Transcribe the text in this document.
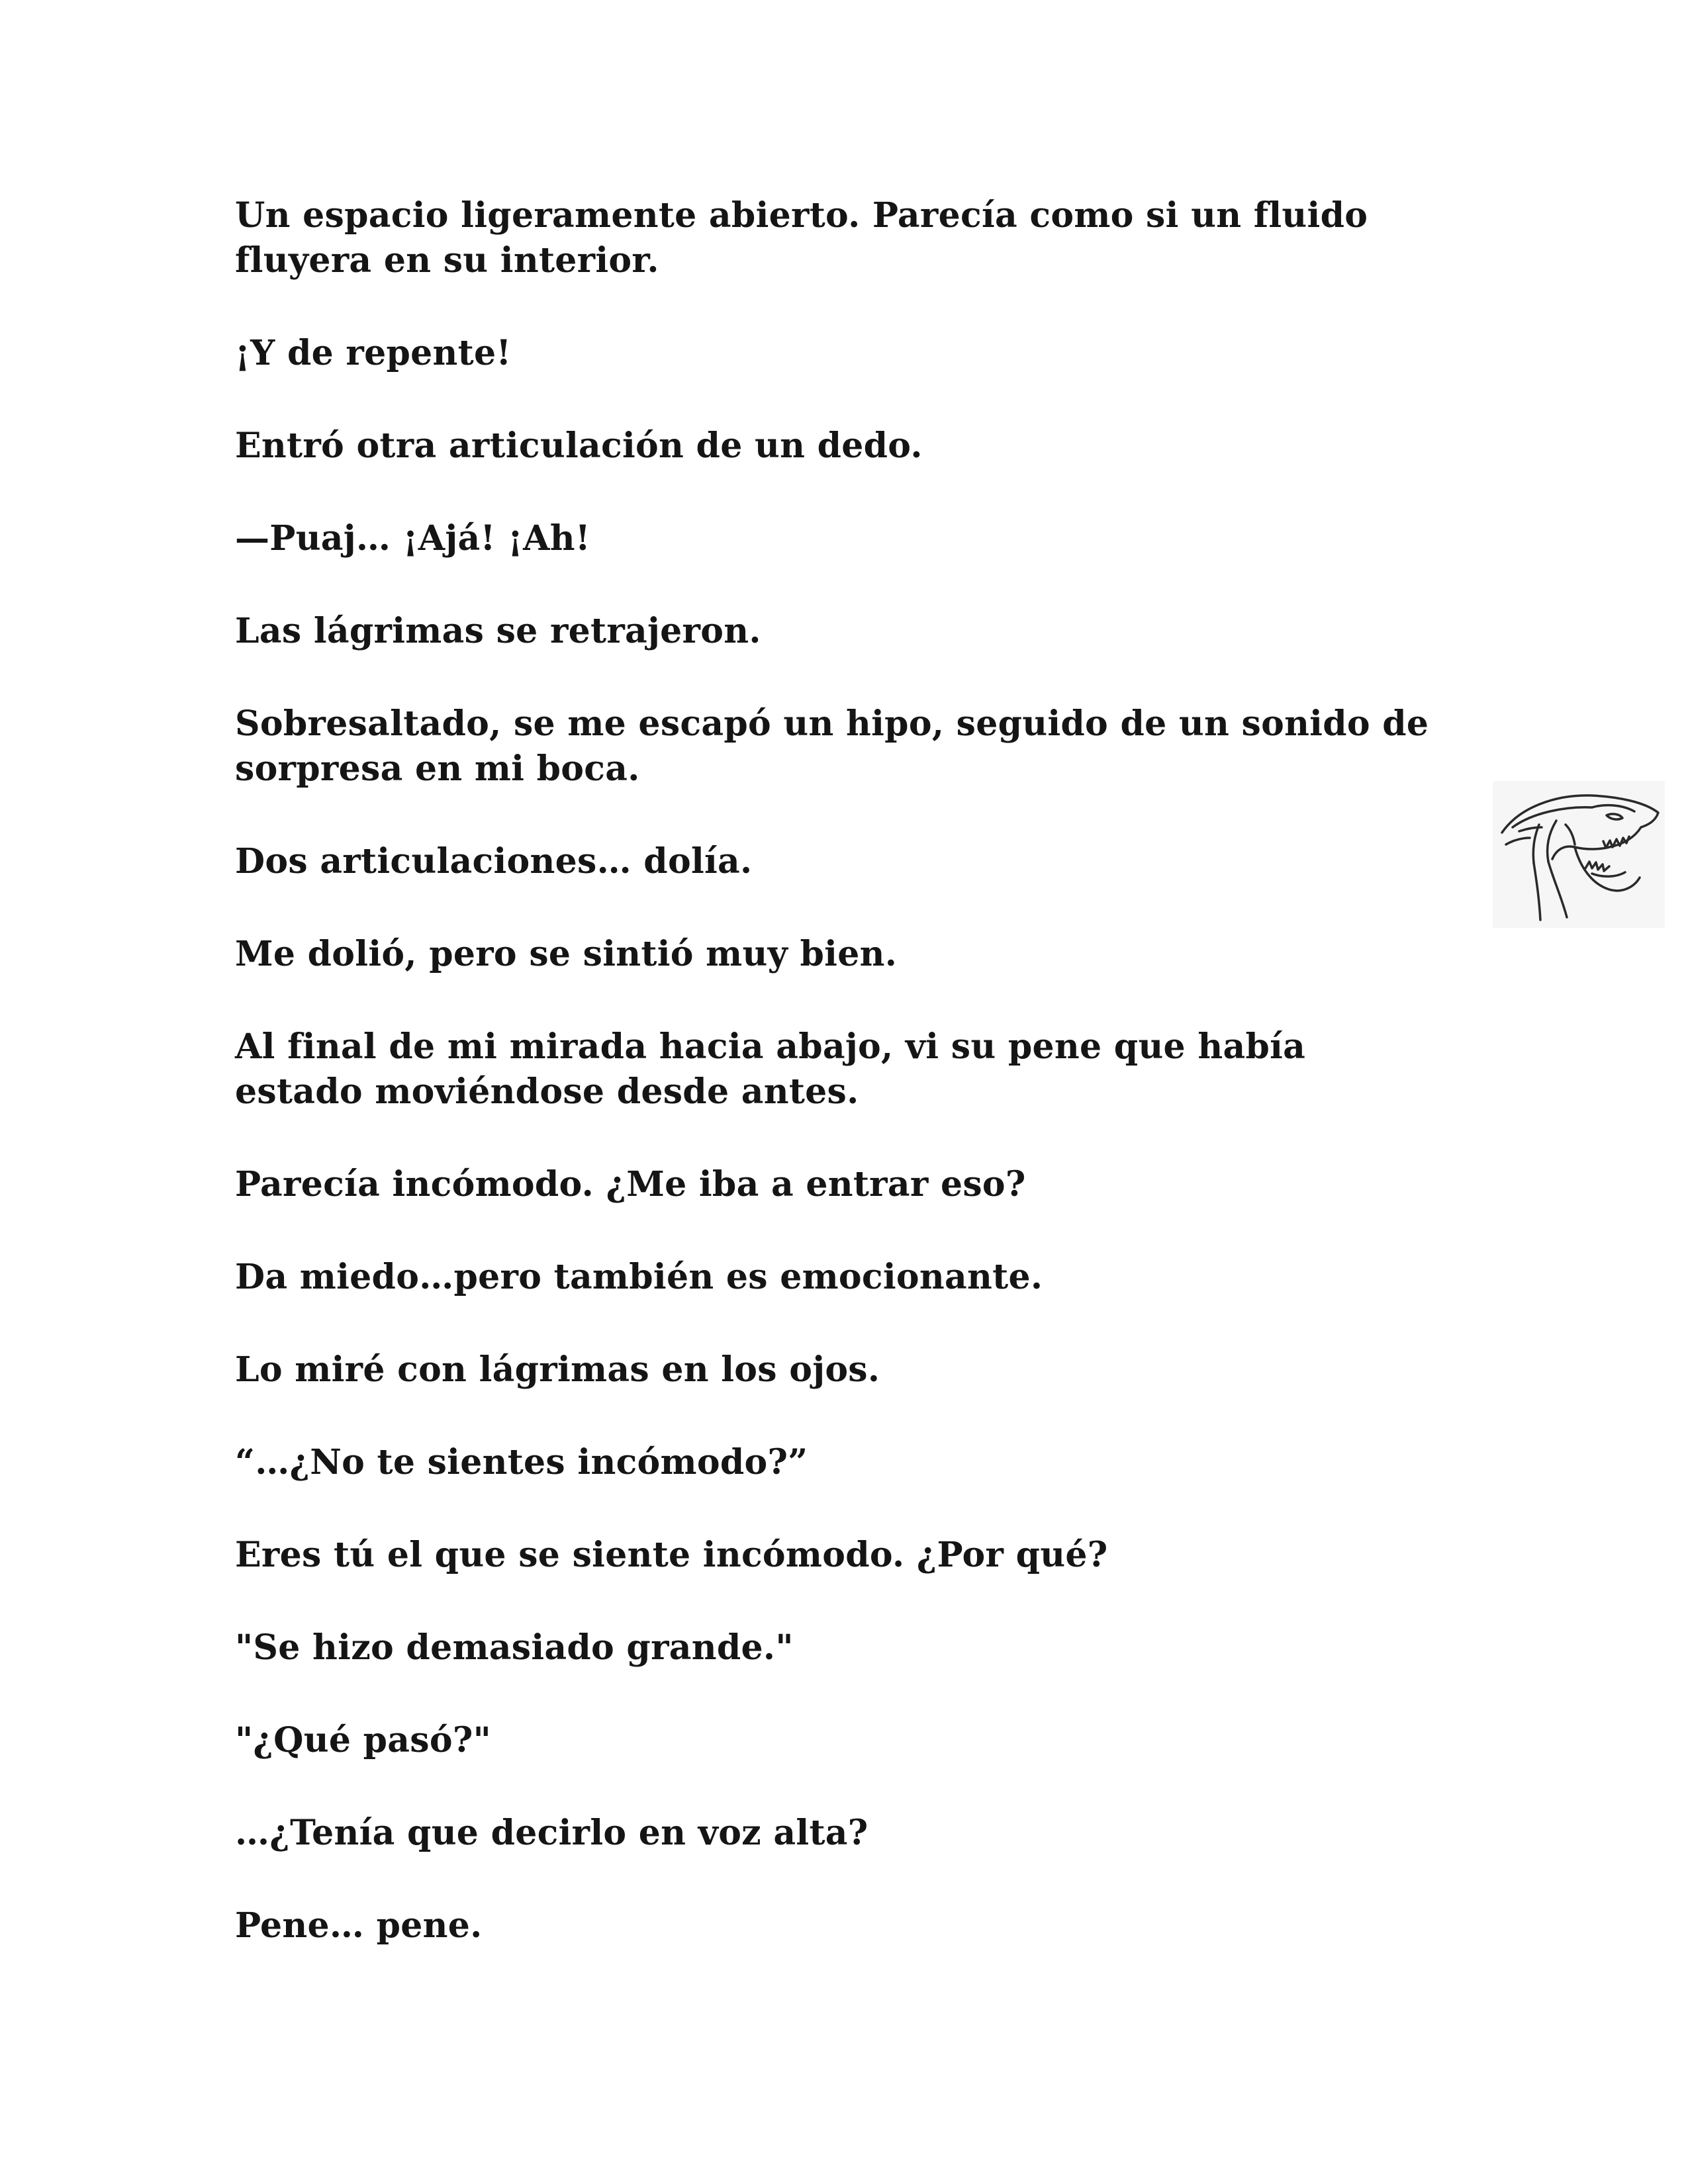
Un espacio ligeramente abierto. Parecía como si un fluido fluyera en su interior.

¡Y de repente!

Entró otra articulación de un dedo.

—Puaj… ¡Ajá! ¡Ah!

Las lágrimas se retrajeron.

Sobresaltado, se me escapó un hipo, seguido de un sonido de sorpresa en mi boca.

Dos articulaciones… dolía.

Me dolió, pero se sintió muy bien.

Al final de mi mirada hacia abajo, vi su pene que había estado moviéndose desde antes.

Parecía incómodo. ¿Me iba a entrar eso?

Da miedo…pero también es emocionante.

Lo miré con lágrimas en los ojos.

“…¿No te sientes incómodo?”

Eres tú el que se siente incómodo. ¿Por qué?

"Se hizo demasiado grande."

"¿Qué pasó?"

…¿Tenía que decirlo en voz alta?

Pene… pene.
